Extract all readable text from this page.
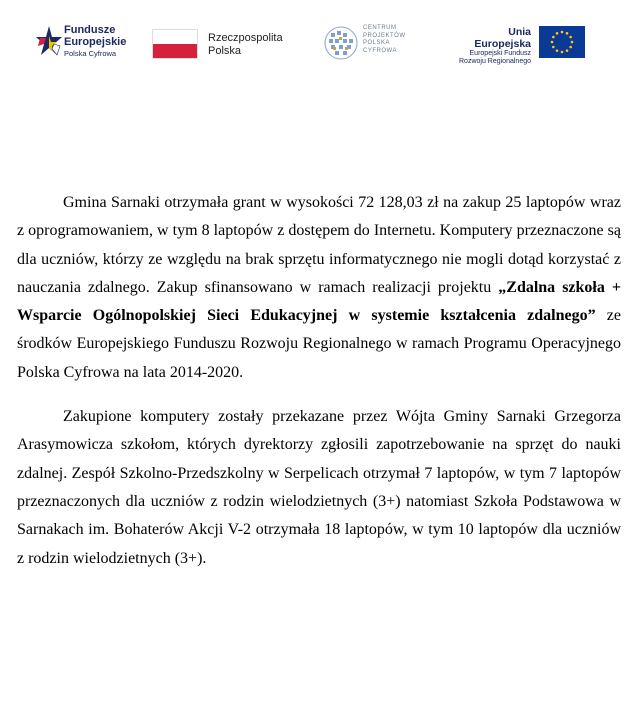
Fundusze
Europejskie
Polska Cyfrowa
Rzeczpospolita
Polska
CENTRUM
PROJEKTÓW
POLSKA
CYFROWA
Unia Europejska
Europejski Fundusz
Rozwoju Regionalnego

Gmina Sarnaki otrzymała grant w wysokości 72 128,03 zł na zakup 25 laptopów wraz z oprogramowaniem, w tym 8 laptopów z dostępem do Internetu. Komputery przeznaczone są dla uczniów, którzy ze względu na brak sprzętu informatycznego nie mogli dotąd korzystać z nauczania zdalnego. Zakup sfinansowano w ramach realizacji projektu „Zdalna szkoła + Wsparcie Ogólnopolskiej Sieci Edukacyjnej w systemie kształcenia zdalnego” ze środków Europejskiego Funduszu Rozwoju Regionalnego w ramach Programu Operacyjnego Polska Cyfrowa na lata 2014-2020.

Zakupione komputery zostały przekazane przez Wójta Gminy Sarnaki Grzegorza Arasymowicza szkołom, których dyrektorzy zgłosili zapotrzebowanie na sprzęt do nauki zdalnej. Zespół Szkolno-Przedszkolny w Serpelicach otrzymał 7 laptopów, w tym 7 laptopów przeznaczonych dla uczniów z rodzin wielodzietnych (3+) natomiast Szkoła Podstawowa w Sarnakach im. Bohaterów Akcji V-2 otrzymała 18 laptopów, w tym 10 laptopów dla uczniów z rodzin wielodzietnych (3+).
